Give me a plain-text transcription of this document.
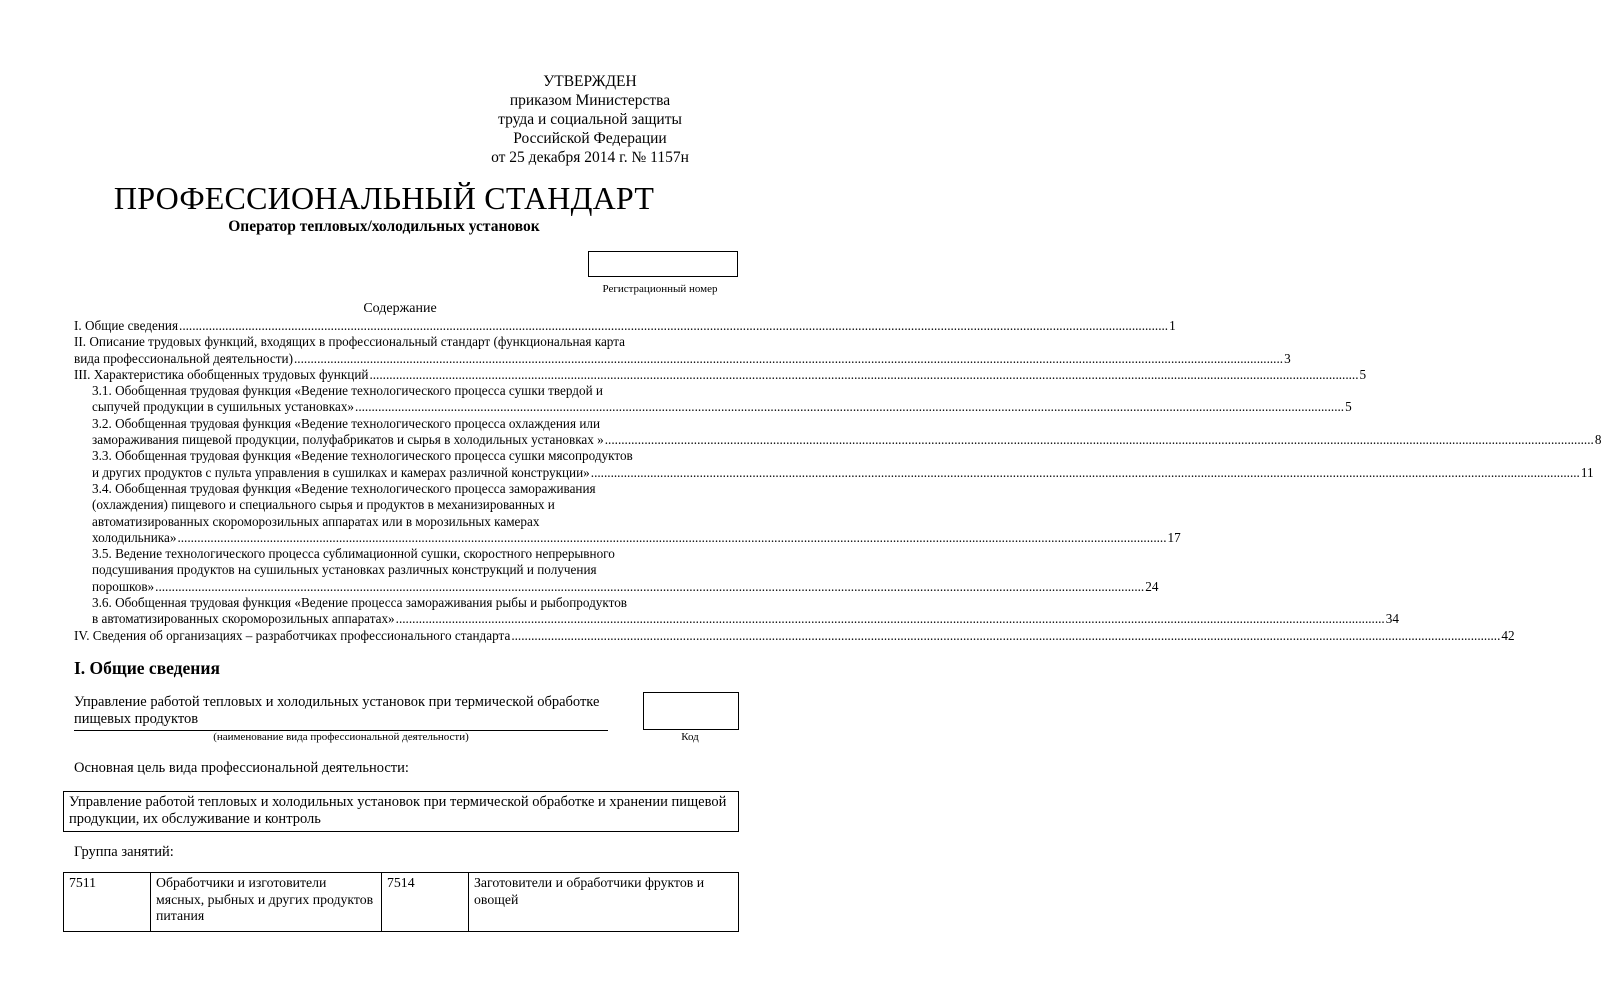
УТВЕРЖДЕН
приказом Министерства
труда и социальной защиты
Российской Федерации
от 25 декабря 2014 г. № 1157н
ПРОФЕССИОНАЛЬНЫЙ СТАНДАРТ
Оператор тепловых/холодильных установок
Регистрационный номер
Содержание
I. Общие сведения ............................................................................................................................................................................................................................................................................................................ 1
II. Описание трудовых функций, входящих в профессиональный стандарт (функциональная карта
вида профессиональной деятельности) ............................................................................................................................................................................................................................................................................................................ 3
III. Характеристика обобщенных трудовых функций ............................................................................................................................................................................................................................................................................................................ 5
3.1. Обобщенная трудовая функция «Ведение технологического процесса сушки твердой и
сыпучей продукции в сушильных установках» ............................................................................................................................................................................................................................................................................................................ 5
3.2. Обобщенная трудовая функция «Ведение технологического процесса охлаждения или
замораживания пищевой продукции, полуфабрикатов и сырья в холодильных установках » ............................................................................................................................................................................................................................................................................................................ 8
3.3. Обобщенная трудовая функция «Ведение технологического процесса сушки мясопродуктов
и других продуктов с пульта управления в сушилках и камерах различной конструкции» ............................................................................................................................................................................................................................................................................................................ 11
3.4. Обобщенная трудовая функция «Ведение технологического процесса замораживания
(охлаждения) пищевого и специального сырья и продуктов в механизированных и
автоматизированных скороморозильных аппаратах или в морозильных камерах
холодильника» ............................................................................................................................................................................................................................................................................................................ 17
3.5. Ведение технологического процесса сублимационной сушки, скоростного непрерывного
подсушивания продуктов на сушильных установках различных конструкций и получения
порошков» ............................................................................................................................................................................................................................................................................................................ 24
3.6. Обобщенная трудовая функция «Ведение процесса замораживания рыбы и рыбопродуктов
в автоматизированных скороморозильных аппаратах» ............................................................................................................................................................................................................................................................................................................ 34
IV. Сведения об организациях – разработчиках профессионального стандарта ............................................................................................................................................................................................................................................................................................................ 42
I. Общие сведения
Управление работой тепловых и холодильных установок при термической обработке пищевых продуктов
(наименование вида профессиональной деятельности)	Код
Основная цель вида профессиональной деятельности:
Управление работой тепловых и холодильных установок при термической обработке и хранении пищевой продукции, их обслуживание и контроль
Группа занятий:
7511	Обработчики и изготовители мясных, рыбных и других продуктов питания	7514	Заготовители и обработчики фруктов и овощей
